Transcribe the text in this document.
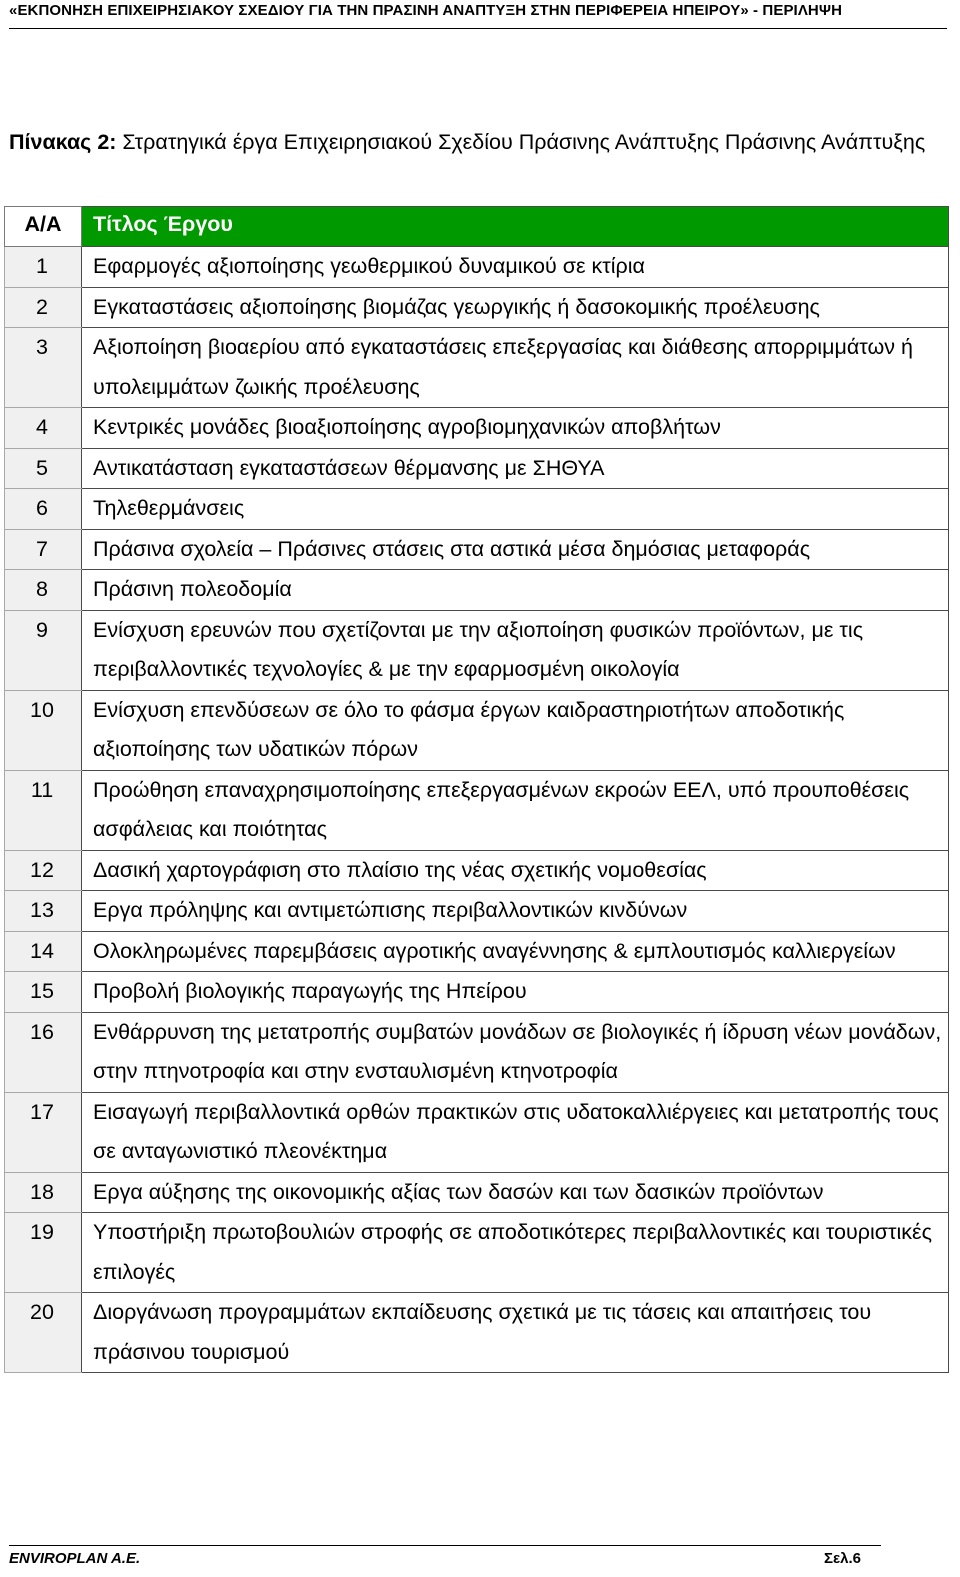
«ΕΚΠΟΝΗΣΗ ΕΠΙΧΕΙΡΗΣΙΑΚΟΥ ΣΧΕΔΙΟΥ ΓΙΑ ΤΗΝ ΠΡΑΣΙΝΗ ΑΝΑΠΤΥΞΗ ΣΤΗΝ ΠΕΡΙΦΕΡΕΙΑ ΗΠΕΙΡΟΥ» - ΠΕΡΙΛΗΨΗ
Πίνακας 2: Στρατηγικά έργα Επιχειρησιακού Σχεδίου Πράσινης Ανάπτυξης Πράσινης Ανάπτυξης
Α/Α	Τίτλος Έργου
1	Εφαρμογές αξιοποίησης γεωθερμικού δυναμικού σε κτίρια
2	Εγκαταστάσεις αξιοποίησης βιομάζας γεωργικής ή δασοκομικής προέλευσης
3	Αξιοποίηση βιοαερίου από εγκαταστάσεις επεξεργασίας και διάθεσης απορριμμάτων ή υπολειμμάτων ζωικής προέλευσης
4	Κεντρικές μονάδες βιοαξιοποίησης αγροβιομηχανικών αποβλήτων
5	Αντικατάσταση εγκαταστάσεων θέρμανσης με ΣΗΘΥΑ
6	Τηλεθερμάνσεις
7	Πράσινα σχολεία – Πράσινες στάσεις στα αστικά μέσα δημόσιας μεταφοράς
8	Πράσινη πολεοδομία
9	Ενίσχυση ερευνών που σχετίζονται με την αξιοποίηση φυσικών προϊόντων, με τις περιβαλλοντικές τεχνολογίες & με την εφαρμοσμένη οικολογία
10	Ενίσχυση επενδύσεων σε όλο το φάσμα έργων καιδραστηριοτήτων αποδοτικής αξιοποίησης των υδατικών πόρων
11	Προώθηση επαναχρησιμοποίησης επεξεργασμένων εκροών ΕΕΛ, υπό προυποθέσεις ασφάλειας και ποιότητας
12	Δασική χαρτογράφιση στο πλαίσιο της νέας σχετικής νομοθεσίας
13	Εργα πρόληψης και αντιμετώπισης περιβαλλοντικών κινδύνων
14	Ολοκληρωμένες παρεμβάσεις αγροτικής αναγέννησης & εμπλουτισμός καλλιεργείων
15	Προβολή βιολογικής παραγωγής της Ηπείρου
16	Ενθάρρυνση της μετατροπής συμβατών μονάδων σε βιολογικές ή ίδρυση νέων μονάδων, στην πτηνοτροφία και στην ενσταυλισμένη κτηνοτροφία
17	Εισαγωγή περιβαλλοντικά ορθών πρακτικών στις υδατοκαλλιέργειες και μετατροπής τους σε ανταγωνιστικό πλεονέκτημα
18	Εργα αύξησης της οικονομικής αξίας των δασών και των δασικών προϊόντων
19	Υποστήριξη πρωτοβουλιών στροφής σε αποδοτικότερες περιβαλλοντικές και τουριστικές επιλογές
20	Διοργάνωση προγραμμάτων εκπαίδευσης σχετικά με τις τάσεις και απαιτήσεις του πράσινου τουρισμού
ENVIROPLAN A.E.	Σελ.6
